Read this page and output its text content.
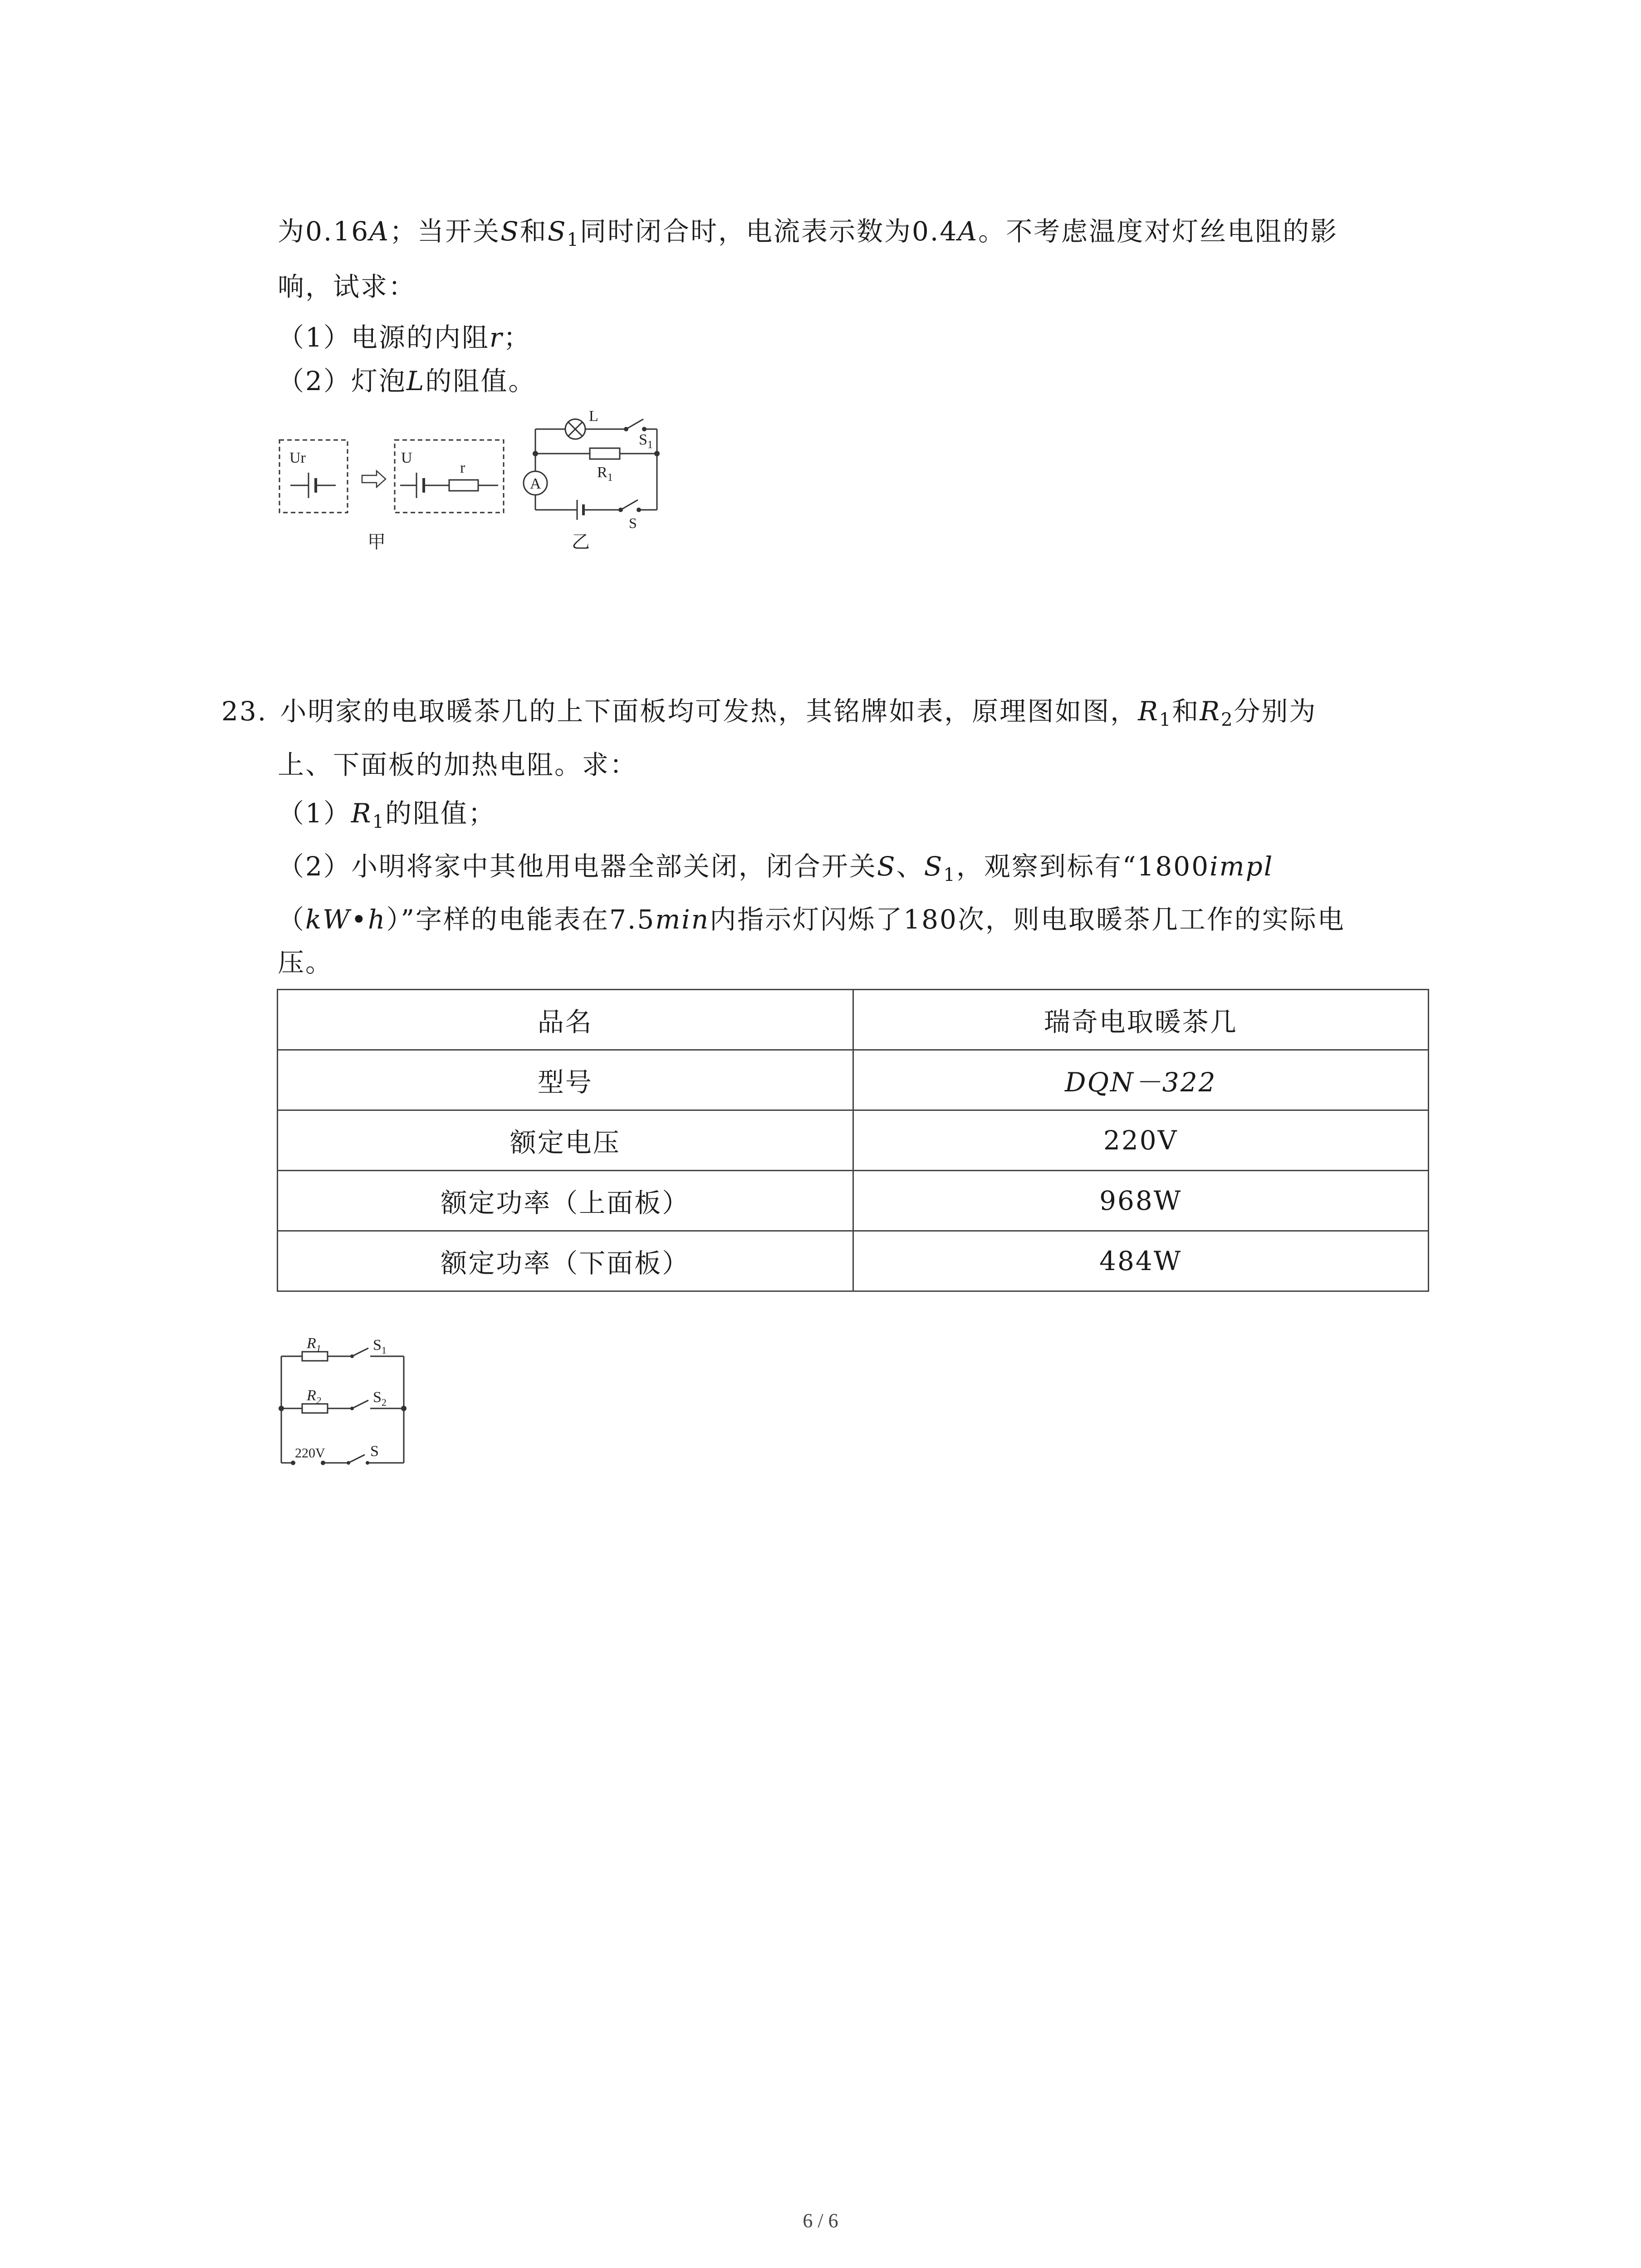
为0.16A；当开关S和$S_1$同时闭合时，电流表示数为0.4A。不考虑温度对灯丝电阻的影
响，试求：
（1）电源的内阻r；
（2）灯泡L的阻值。
Ur	U
r
甲
A
L
$S_1$
$R_1$
S
乙
23. 小明家的电取暖茶几的上下面板均可发热，其铭牌如表，原理图如图，$R_1$和$R_2$分别为
上、下面板的加热电阻。求：
$(1)R_1$的阻值；
（2）小明将家中其他用电器全部关闭，闭合开关S、$S_1$，观察到标有“1800impl
（kW•h）”字样的电能表在7.5min内指示灯闪烁了180次，则电取暖茶几工作的实际电
压。
品名	瑞奇电取暖茶几
型号	DQN－322
额定电压	220V
额定功率（上面板）	968W
额定功率（下面板）	484W
$R_1$	$S_1$
$R_2$	$S_2$
220V	S
6 / 6
